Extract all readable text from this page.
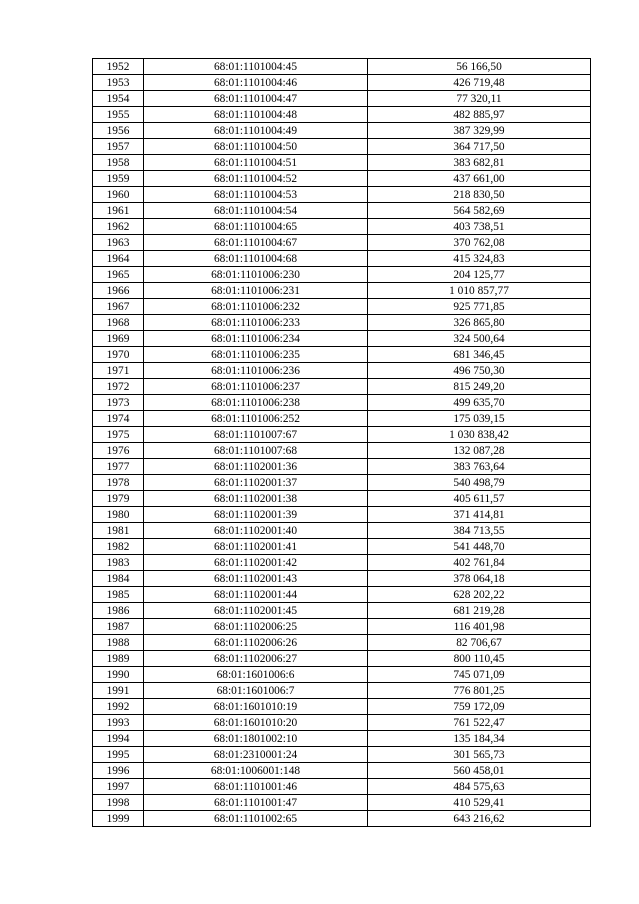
1952	68:01:1101004:45	56 166,50
1953	68:01:1101004:46	426 719,48
1954	68:01:1101004:47	77 320,11
1955	68:01:1101004:48	482 885,97
1956	68:01:1101004:49	387 329,99
1957	68:01:1101004:50	364 717,50
1958	68:01:1101004:51	383 682,81
1959	68:01:1101004:52	437 661,00
1960	68:01:1101004:53	218 830,50
1961	68:01:1101004:54	564 582,69
1962	68:01:1101004:65	403 738,51
1963	68:01:1101004:67	370 762,08
1964	68:01:1101004:68	415 324,83
1965	68:01:1101006:230	204 125,77
1966	68:01:1101006:231	1 010 857,77
1967	68:01:1101006:232	925 771,85
1968	68:01:1101006:233	326 865,80
1969	68:01:1101006:234	324 500,64
1970	68:01:1101006:235	681 346,45
1971	68:01:1101006:236	496 750,30
1972	68:01:1101006:237	815 249,20
1973	68:01:1101006:238	499 635,70
1974	68:01:1101006:252	175 039,15
1975	68:01:1101007:67	1 030 838,42
1976	68:01:1101007:68	132 087,28
1977	68:01:1102001:36	383 763,64
1978	68:01:1102001:37	540 498,79
1979	68:01:1102001:38	405 611,57
1980	68:01:1102001:39	371 414,81
1981	68:01:1102001:40	384 713,55
1982	68:01:1102001:41	541 448,70
1983	68:01:1102001:42	402 761,84
1984	68:01:1102001:43	378 064,18
1985	68:01:1102001:44	628 202,22
1986	68:01:1102001:45	681 219,28
1987	68:01:1102006:25	116 401,98
1988	68:01:1102006:26	82 706,67
1989	68:01:1102006:27	800 110,45
1990	68:01:1601006:6	745 071,09
1991	68:01:1601006:7	776 801,25
1992	68:01:1601010:19	759 172,09
1993	68:01:1601010:20	761 522,47
1994	68:01:1801002:10	135 184,34
1995	68:01:2310001:24	301 565,73
1996	68:01:1006001:148	560 458,01
1997	68:01:1101001:46	484 575,63
1998	68:01:1101001:47	410 529,41
1999	68:01:1101002:65	643 216,62
